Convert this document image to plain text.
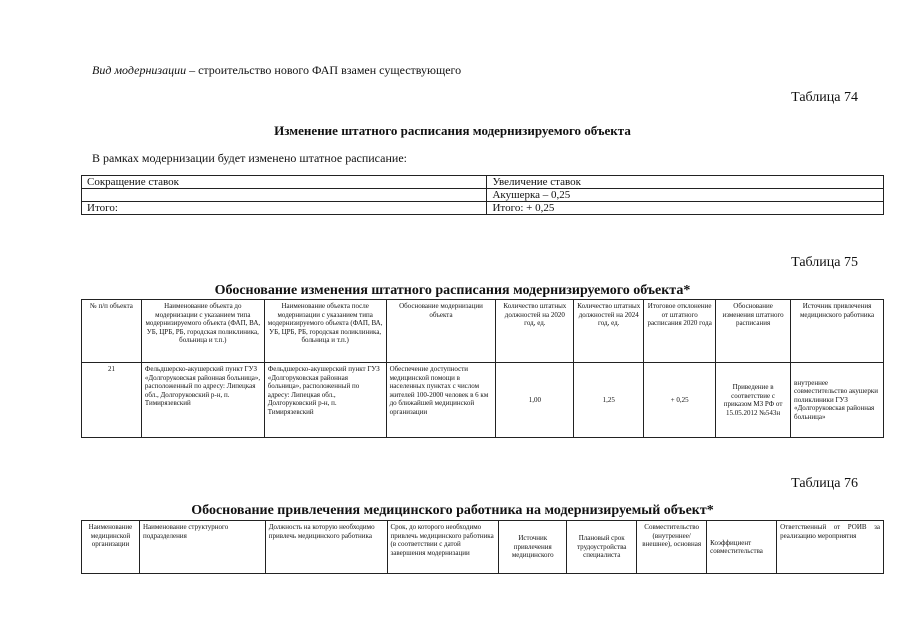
Вид модернизации – строительство нового ФАП взамен существующего
Таблица 74
Изменение штатного расписания модернизируемого объекта
В рамках модернизации будет изменено штатное расписание:
Сокращение ставок	Увеличение ставок
	Акушерка – 0,25
Итого:	Итого: + 0,25
Таблица 75
Обоснование изменения штатного расписания модернизируемого объекта*
№ п/п объекта	Наименование объекта до модернизации с указанием типа модернизируемого объекта (ФАП, ВА, УБ, ЦРБ, РБ, городская поликлиника, больница и т.п.)	Наименование объекта после модернизации с указанием типа модернизируемого объекта (ФАП, ВА, УБ, ЦРБ, РБ, городская поликлиника, больница и т.п.)	Обоснование модернизации объекта	Количество штатных должностей на 2020 год, ед.	Количество штатных должностей на 2024 год, ед.	Итоговое отклонение от штатного расписания 2020 года	Обоснование изменения штатного расписания	Источник привлечения медицинского работника
21	Фельдшерско-акушерский пункт ГУЗ «Долгоруковская районная больница», расположенный по адресу: Липецкая обл., Долгоруковский р-н, п. Тимирязевский	Фельдшерско-акушерский пункт ГУЗ «Долгоруковская районная больница», расположенный по адресу: Липецкая обл., Долгоруковский р-н, п. Тимирязевский	Обеспечение доступности медицинской помощи в населенных пунктах с числом жителей 100-2000 человек в 6 км до ближайшей медицинской организации	1,00	1,25	+ 0,25	Приведение в соответствие с приказом МЗ РФ от 15.05.2012 №543н	внутреннее совместительство акушерки поликлиники ГУЗ «Долгоруковская районная больница»
Таблица 76
Обоснование привлечения медицинского работника на модернизируемый объект*
Наименование медицинской организации	Наименование структурного подразделения	Должность на которую необходимо привлечь медицинского работника	Срок, до которого необходимо привлечь медицинского работника (в соответствии с датой завершения модернизации	Источник привлечения медицинского	Плановый срок трудоустройства специалиста	Совместительство (внутреннее/внешнее), основная	Коэффициент совместительства	Ответственный от РОИВ за реализацию мероприятия
